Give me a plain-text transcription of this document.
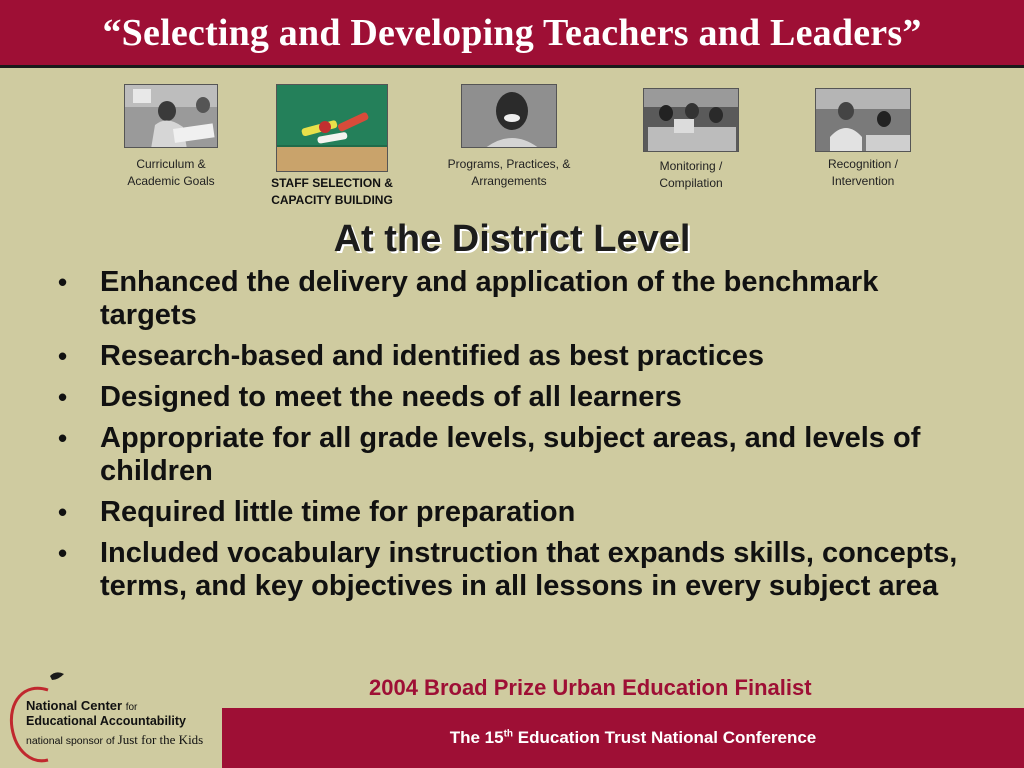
“Selecting and Developing Teachers and Leaders”
Curriculum & Academic Goals	STAFF SELECTION & CAPACITY BUILDING
Programs, Practices, & Arrangements
Monitoring / Compilation
Recognition / Intervention
At the District Level
• Enhanced the delivery and application of the benchmark targets
• Research-based and identified as best practices
• Designed to meet the needs of all learners
• Appropriate for all grade levels, subject areas, and levels of children
• Required little time for preparation
• Included vocabulary instruction that expands skills, concepts, terms, and key objectives in all lessons in every subject area
2004 Broad Prize Urban Education Finalist
National Center for
Educational Accountability
national sponsor of Just for the Kids	The 15th Education Trust National Conference
